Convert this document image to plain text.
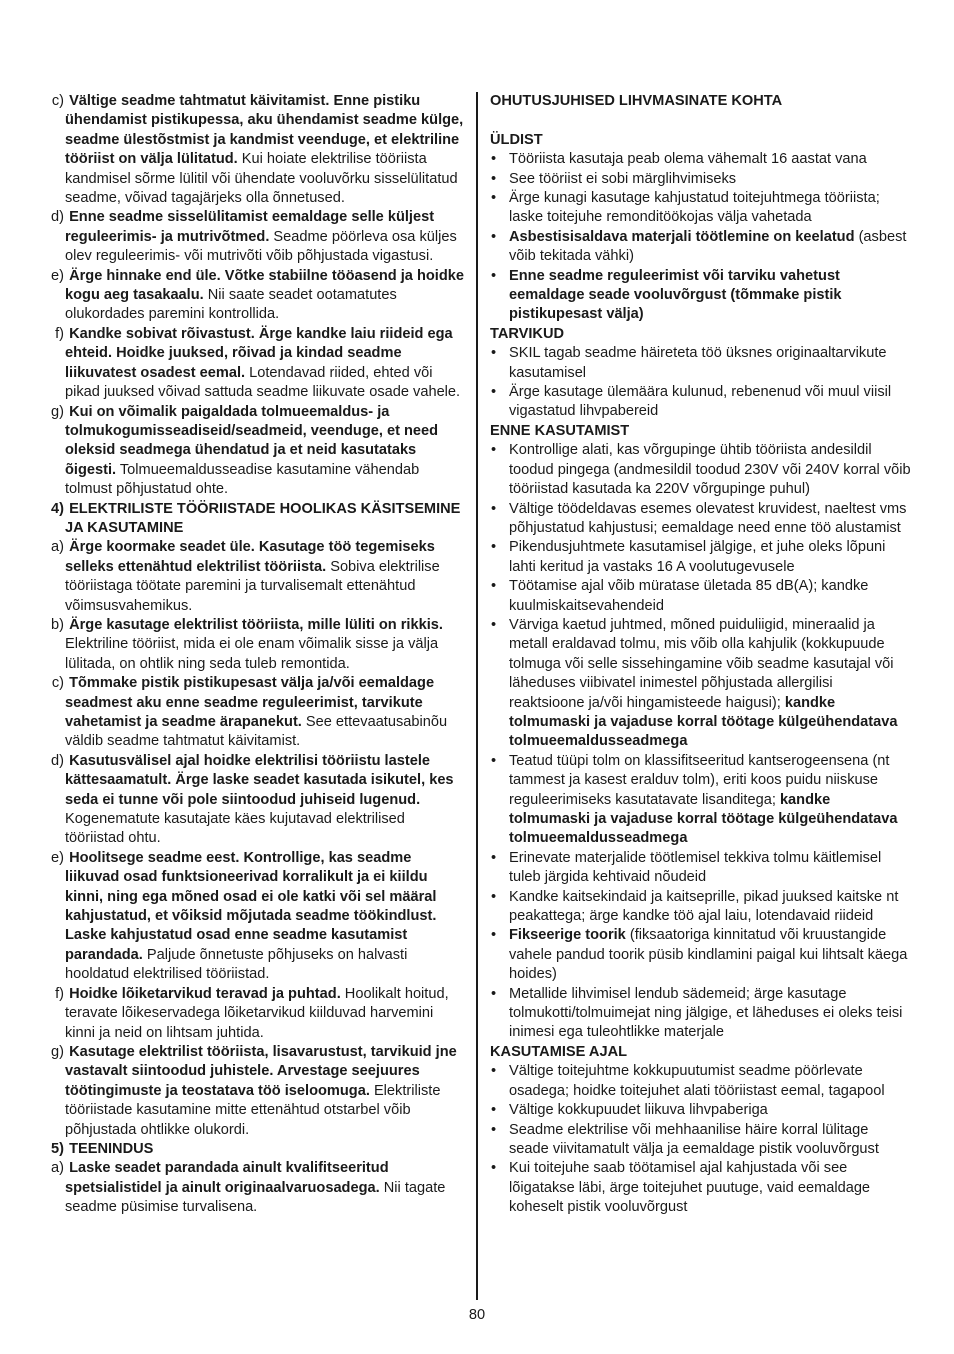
c) Vältige seadme tahtmatut käivitamist. Enne pistiku ühendamist pistikupessa, aku ühendamist seadme külge, seadme ülestõstmist ja kandmist veenduge, et elektriline tööriist on välja lülitatud. Kui hoiate elektrilise tööriista kandmisel sõrme lülitil või ühendate vooluvõrku sisselülitatud seadme, võivad tagajärjeks olla õnnetused.
d) Enne seadme sisselülitamist eemaldage selle küljest reguleerimis- ja mutrivõtmed. Seadme pöörleva osa küljes olev reguleerimis- või mutrivõti võib põhjustada vigastusi.
e) Ärge hinnake end üle. Võtke stabiilne tööasend ja hoidke kogu aeg tasakaalu. Nii saate seadet ootamatutes olukordades paremini kontrollida.
f) Kandke sobivat rõivastust. Ärge kandke laiu riideid ega ehteid. Hoidke juuksed, rõivad ja kindad seadme liikuvatest osadest eemal. Lotendavad riided, ehted või pikad juuksed võivad sattuda seadme liikuvate osade vahele.
g) Kui on võimalik paigaldada tolmueemaldus- ja tolmukogumisseadiseid/seadmeid, veenduge, et need oleksid seadmega ühendatud ja et neid kasutataks õigesti. Tolmueemaldusseadise kasutamine vähendab tolmust põhjustatud ohte.
4) ELEKTRILISTE TÖÖRIISTADE HOOLIKAS KÄSITSEMINE JA KASUTAMINE
a) Ärge koormake seadet üle. Kasutage töö tegemiseks selleks ettenähtud elektrilist tööriista. Sobiva elektrilise tööriistaga töötate paremini ja turvalisemalt ettenähtud võimsusvahemikus.
b) Ärge kasutage elektrilist tööriista, mille lüliti on rikkis. Elektriline tööriist, mida ei ole enam võimalik sisse ja välja lülitada, on ohtlik ning seda tuleb remontida.
c) Tõmmake pistik pistikupesast välja ja/või eemaldage seadmest aku enne seadme reguleerimist, tarvikute vahetamist ja seadme ärapanekut. See ettevaatusabinõu väldib seadme tahtmatut käivitamist.
d) Kasutusvälisel ajal hoidke elektrilisi tööriistu lastele kättesaamatult. Ärge laske seadet kasutada isikutel, kes seda ei tunne või pole siintoodud juhiseid lugenud. Kogenematute kasutajate käes kujutavad elektrilised tööriistad ohtu.
e) Hoolitsege seadme eest. Kontrollige, kas seadme liikuvad osad funktsioneerivad korralikult ja ei kiildu kinni, ning ega mõned osad ei ole katki või sel määral kahjustatud, et võiksid mõjutada seadme töökindlust. Laske kahjustatud osad enne seadme kasutamist parandada. Paljude õnnetuste põhjuseks on halvasti hooldatud elektrilised tööriistad.
f) Hoidke lõiketarvikud teravad ja puhtad. Hoolikalt hoitud, teravate lõikeservadega lõiketarvikud kiilduvad harvemini kinni ja neid on lihtsam juhtida.
g) Kasutage elektrilist tööriista, lisavarustust, tarvikuid jne vastavalt siintoodud juhistele. Arvestage seejuures töötingimuste ja teostatava töö iseloomuga. Elektriliste tööriistade kasutamine mitte ettenähtud otstarbel võib põhjustada ohtlikke olukordi.
5) TEENINDUS
a) Laske seadet parandada ainult kvalifitseeritud spetsialistidel ja ainult originaalvaruosadega. Nii tagate seadme püsimise turvalisena.
OHUTUSJUHISED LIHVMASINATE KOHTA
ÜLDIST
• Tööriista kasutaja peab olema vähemalt 16 aastat vana
• See tööriist ei sobi märglihvimiseks
• Ärge kunagi kasutage kahjustatud toitejuhtmega tööriista; laske toitejuhe remonditöökojas välja vahetada
• Asbestisisaldava materjali töötlemine on keelatud (asbest võib tekitada vähki)
• Enne seadme reguleerimist või tarviku vahetust eemaldage seade vooluvõrgust (tõmmake pistik pistikupesast välja)
TARVIKUD
• SKIL tagab seadme häireteta töö üksnes originaaltarvikute kasutamisel
• Ärge kasutage ülemäära kulunud, rebenenud või muul viisil vigastatud lihvpabereid
ENNE KASUTAMIST
• Kontrollige alati, kas võrgupinge ühtib tööriista andesildil toodud pingega (andmesildil toodud 230V või 240V korral võib tööriistad kasutada ka 220V võrgupinge puhul)
• Vältige töödeldavas esemes olevatest kruvidest, naeltest vms põhjustatud kahjustusi; eemaldage need enne töö alustamist
• Pikendusjuhtmete kasutamisel jälgige, et juhe oleks lõpuni lahti keritud ja vastaks 16 A voolutugevusele
• Töötamise ajal võib müratase ületada 85 dB(A); kandke kuulmiskaitsevahendeid
• Värviga kaetud juhtmed, mõned puiduliigid, mineraalid ja metall eraldavad tolmu, mis võib olla kahjulik (kokkupuude tolmuga või selle sissehingamine võib seadme kasutajal või läheduses viibivatel inimestel põhjustada allergilisi reaktsioone ja/või hingamisteede haigusi); kandke tolmumaski ja vajaduse korral töötage külgeühendatava tolmueemaldusseadmega
• Teatud tüüpi tolm on klassifitseeritud kantserogeensena (nt tammest ja kasest eralduv tolm), eriti koos puidu niiskuse reguleerimiseks kasutatavate lisanditega; kandke tolmumaski ja vajaduse korral töötage külgeühendatava tolmueemaldusseadmega
• Erinevate materjalide töötlemisel tekkiva tolmu käitlemisel tuleb järgida kehtivaid nõudeid
• Kandke kaitsekindaid ja kaitseprille, pikad juuksed kaitske nt peakattega; ärge kandke töö ajal laiu, lotendavaid riideid
• Fikseerige toorik (fiksaatoriga kinnitatud või kruustangide vahele pandud toorik püsib kindlamini paigal kui lihtsalt käega hoides)
• Metallide lihvimisel lendub sädemeid; ärge kasutage tolmukotti/tolmuimejat ning jälgige, et läheduses ei oleks teisi inimesi ega tuleohtlikke materjale
KASUTAMISE AJAL
• Vältige toitejuhtme kokkupuutumist seadme pöörlevate osadega; hoidke toitejuhet alati tööriistast eemal, tagapool
• Vältige kokkupuudet liikuva lihvpaberiga
• Seadme elektrilise või mehhaanilise häire korral lülitage seade viivitamatult välja ja eemaldage pistik vooluvõrgust
• Kui toitejuhe saab töötamisel ajal kahjustada või see lõigatakse läbi, ärge toitejuhet puutuge, vaid eemaldage koheselt pistik vooluvõrgust
80
